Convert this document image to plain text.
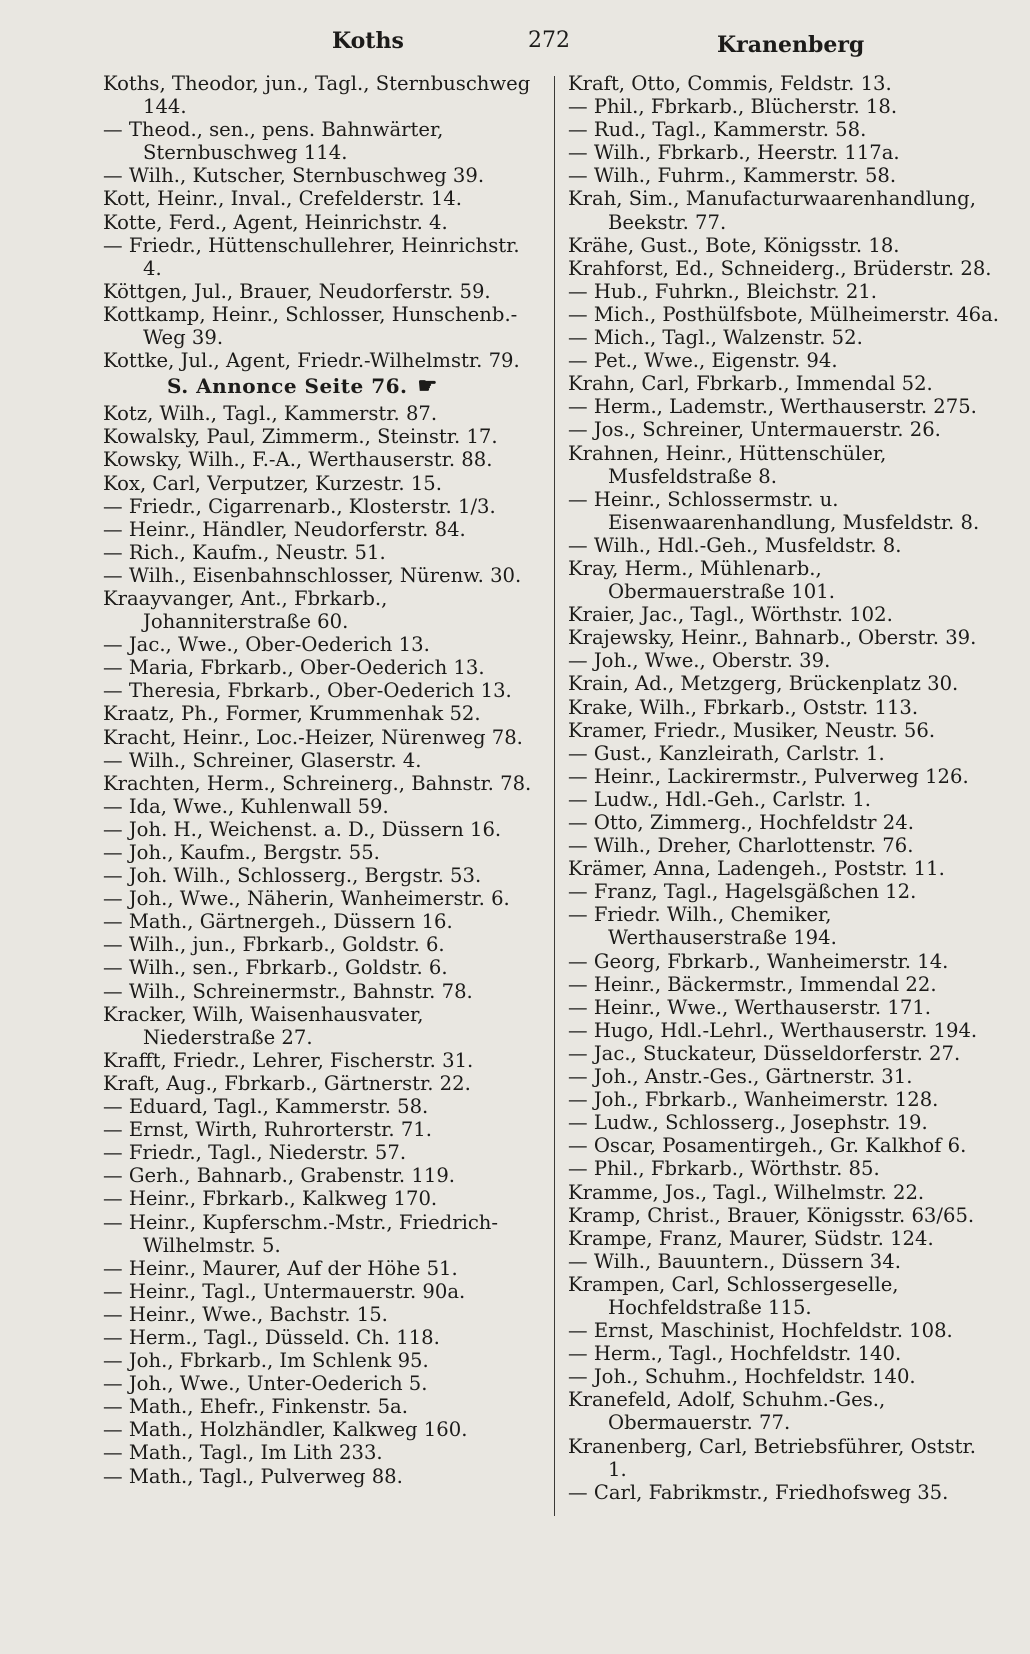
Koths	272	Kranenberg

Koths, Theodor, jun., Tagl., Sternbuschweg 144.

— Theod., sen., pens. Bahnwärter, Sternbuschweg 114.

— Wilh., Kutscher, Sternbuschweg 39.

Kott, Heinr., Inval., Crefelderstr. 14.

Kotte, Ferd., Agent, Heinrichstr. 4.

— Friedr., Hüttenschullehrer, Heinrichstr. 4.

Köttgen, Jul., Brauer, Neudorferstr. 59.

Kottkamp, Heinr., Schlosser, Hunschenb.-Weg 39.

Kottke, Jul., Agent, Friedr.-Wilhelmstr. 79.

S. Annonce Seite 76. ☛

Kotz, Wilh., Tagl., Kammerstr. 87.

Kowalsky, Paul, Zimmerm., Steinstr. 17.

Kowsky, Wilh., F.-A., Werthauserstr. 88.

Kox, Carl, Verputzer, Kurzestr. 15.

— Friedr., Cigarrenarb., Klosterstr. 1/3.

— Heinr., Händler, Neudorferstr. 84.

— Rich., Kaufm., Neustr. 51.

— Wilh., Eisenbahnschlosser, Nürenw. 30.

Kraayvanger, Ant., Fbrkarb., Johanniterstraße 60.

— Jac., Wwe., Ober-Oederich 13.

— Maria, Fbrkarb., Ober-Oederich 13.

— Theresia, Fbrkarb., Ober-Oederich 13.

Kraatz, Ph., Former, Krummenhak 52.

Kracht, Heinr., Loc.-Heizer, Nürenweg 78.

— Wilh., Schreiner, Glaserstr. 4.

Krachten, Herm., Schreinerg., Bahnstr. 78.

— Ida, Wwe., Kuhlenwall 59.

— Joh. H., Weichenst. a. D., Düssern 16.

— Joh., Kaufm., Bergstr. 55.

— Joh. Wilh., Schlosserg., Bergstr. 53.

— Joh., Wwe., Näherin, Wanheimerstr. 6.

— Math., Gärtnergeh., Düssern 16.

— Wilh., jun., Fbrkarb., Goldstr. 6.

— Wilh., sen., Fbrkarb., Goldstr. 6.

— Wilh., Schreinermstr., Bahnstr. 78.

Kracker, Wilh, Waisenhausvater, Niederstraße 27.

Krafft, Friedr., Lehrer, Fischerstr. 31.

Kraft, Aug., Fbrkarb., Gärtnerstr. 22.

— Eduard, Tagl., Kammerstr. 58.

— Ernst, Wirth, Ruhrorterstr. 71.

— Friedr., Tagl., Niederstr. 57.

— Gerh., Bahnarb., Grabenstr. 119.

— Heinr., Fbrkarb., Kalkweg 170.

— Heinr., Kupferschm.-Mstr., Friedrich-Wilhelmstr. 5.

— Heinr., Maurer, Auf der Höhe 51.

— Heinr., Tagl., Untermauerstr. 90a.

— Heinr., Wwe., Bachstr. 15.

— Herm., Tagl., Düsseld. Ch. 118.

— Joh., Fbrkarb., Im Schlenk 95.

— Joh., Wwe., Unter-Oederich 5.

— Math., Ehefr., Finkenstr. 5a.

— Math., Holzhändler, Kalkweg 160.

— Math., Tagl., Im Lith 233.

— Math., Tagl., Pulverweg 88.

Kraft, Otto, Commis, Feldstr. 13.

— Phil., Fbrkarb., Blücherstr. 18.

— Rud., Tagl., Kammerstr. 58.

— Wilh., Fbrkarb., Heerstr. 117a.

— Wilh., Fuhrm., Kammerstr. 58.

Krah, Sim., Manufacturwaarenhandlung, Beekstr. 77.

Krähe, Gust., Bote, Königsstr. 18.

Krahforst, Ed., Schneiderg., Brüderstr. 28.

— Hub., Fuhrkn., Bleichstr. 21.

— Mich., Posthülfsbote, Mülheimerstr. 46a.

— Mich., Tagl., Walzenstr. 52.

— Pet., Wwe., Eigenstr. 94.

Krahn, Carl, Fbrkarb., Immendal 52.

— Herm., Lademstr., Werthauserstr. 275.

— Jos., Schreiner, Untermauerstr. 26.

Krahnen, Heinr., Hüttenschüler, Musfeldstraße 8.

— Heinr., Schlossermstr. u. Eisenwaarenhandlung, Musfeldstr. 8.

— Wilh., Hdl.-Geh., Musfeldstr. 8.

Kray, Herm., Mühlenarb., Obermauerstraße 101.

Kraier, Jac., Tagl., Wörthstr. 102.

Krajewsky, Heinr., Bahnarb., Oberstr. 39.

— Joh., Wwe., Oberstr. 39.

Krain, Ad., Metzgerg, Brückenplatz 30.

Krake, Wilh., Fbrkarb., Oststr. 113.

Kramer, Friedr., Musiker, Neustr. 56.

— Gust., Kanzleirath, Carlstr. 1.

— Heinr., Lackirermstr., Pulverweg 126.

— Ludw., Hdl.-Geh., Carlstr. 1.

— Otto, Zimmerg., Hochfeldstr 24.

— Wilh., Dreher, Charlottenstr. 76.

Krämer, Anna, Ladengeh., Poststr. 11.

— Franz, Tagl., Hagelsgäßchen 12.

— Friedr. Wilh., Chemiker, Werthauserstraße 194.

— Georg, Fbrkarb., Wanheimerstr. 14.

— Heinr., Bäckermstr., Immendal 22.

— Heinr., Wwe., Werthauserstr. 171.

— Hugo, Hdl.-Lehrl., Werthauserstr. 194.

— Jac., Stuckateur, Düsseldorferstr. 27.

— Joh., Anstr.-Ges., Gärtnerstr. 31.

— Joh., Fbrkarb., Wanheimerstr. 128.

— Ludw., Schlosserg., Josephstr. 19.

— Oscar, Posamentirgeh., Gr. Kalkhof 6.

— Phil., Fbrkarb., Wörthstr. 85.

Kramme, Jos., Tagl., Wilhelmstr. 22.

Kramp, Christ., Brauer, Königsstr. 63/65.

Krampe, Franz, Maurer, Südstr. 124.

— Wilh., Bauuntern., Düssern 34.

Krampen, Carl, Schlossergeselle, Hochfeldstraße 115.

— Ernst, Maschinist, Hochfeldstr. 108.

— Herm., Tagl., Hochfeldstr. 140.

— Joh., Schuhm., Hochfeldstr. 140.

Kranefeld, Adolf, Schuhm.-Ges., Obermauerstr. 77.

Kranenberg, Carl, Betriebsführer, Oststr. 1.

— Carl, Fabrikmstr., Friedhofsweg 35.
